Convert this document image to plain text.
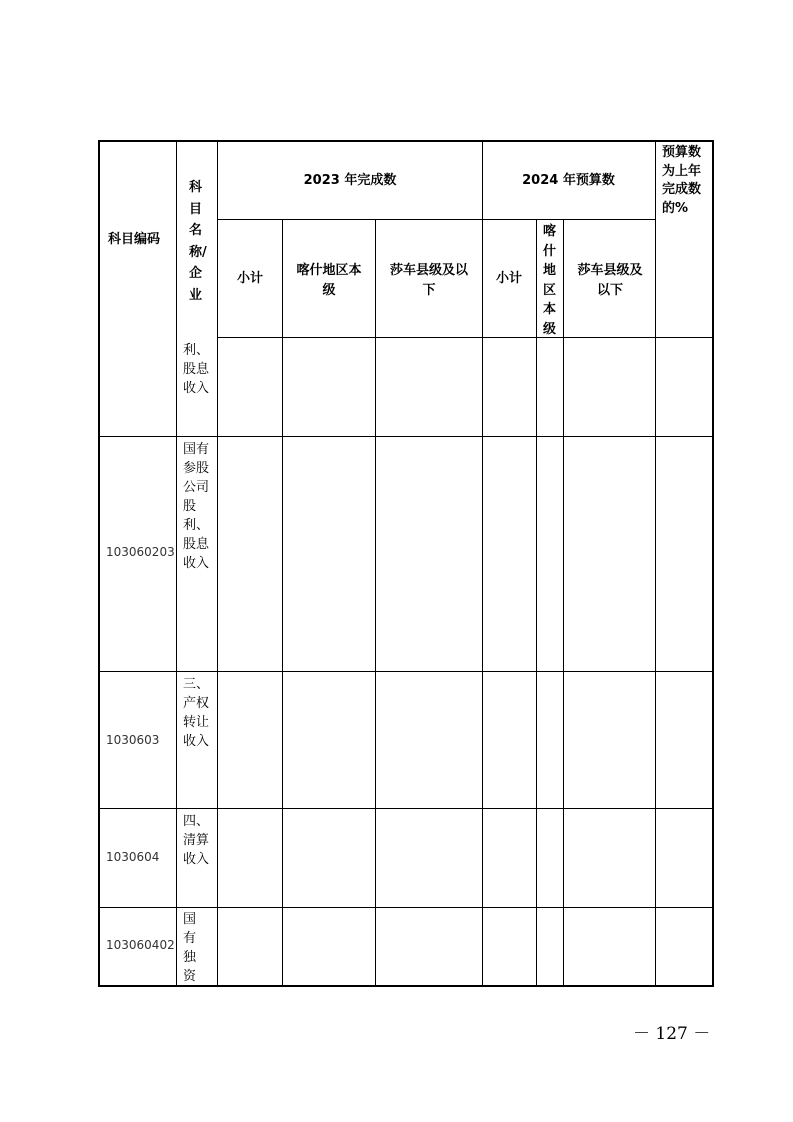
科目编码
科目名称/企业
2023 年完成数	2024 年预算数
预算数为上年完成数的%
小计
喀什地区本级
莎车县级及以下
小计
喀什地区本级
莎车县级及以下
利、股息收入
103060203
国有参股公司股利、股息收入
1030603
三、产权转让收入
1030604
四、清算收入
103060402
国有独资
－ 127 －
